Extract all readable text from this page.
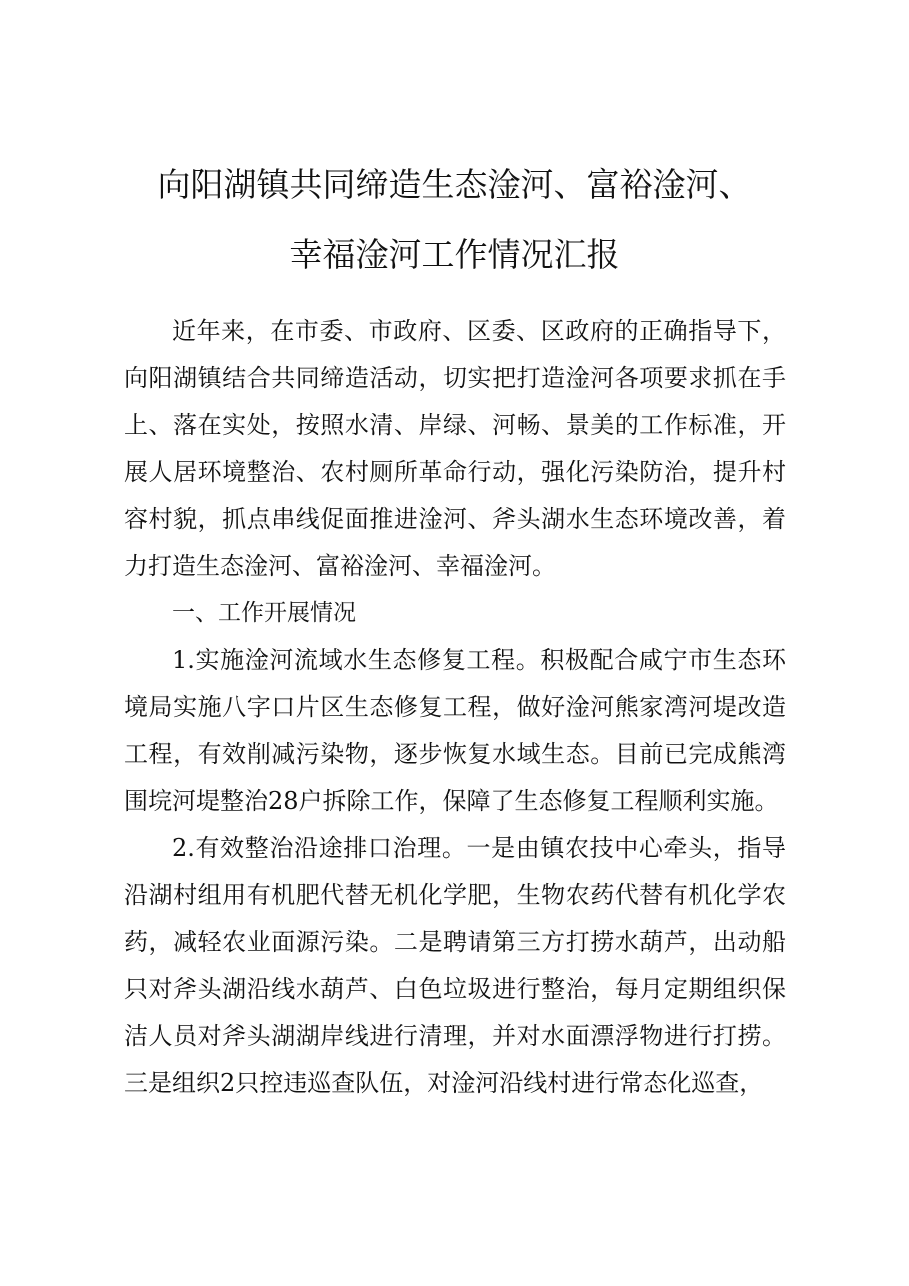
向阳湖镇共同缔造生态淦河、富裕淦河、
幸福淦河工作情况汇报

近年来，在市委、市政府、区委、区政府的正确指导下，向阳湖镇结合共同缔造活动，切实把打造淦河各项要求抓在手上、落在实处，按照水清、岸绿、河畅、景美的工作标准，开展人居环境整治、农村厕所革命行动，强化污染防治，提升村容村貌，抓点串线促面推进淦河、斧头湖水生态环境改善，着力打造生态淦河、富裕淦河、幸福淦河。

一、工作开展情况

1.实施淦河流域水生态修复工程。积极配合咸宁市生态环境局实施八字口片区生态修复工程，做好淦河熊家湾河堤改造工程，有效削减污染物，逐步恢复水域生态。目前已完成熊湾围垸河堤整治28户拆除工作，保障了生态修复工程顺利实施。

2.有效整治沿途排口治理。一是由镇农技中心牵头，指导沿湖村组用有机肥代替无机化学肥，生物农药代替有机化学农药，减轻农业面源污染。二是聘请第三方打捞水葫芦，出动船只对斧头湖沿线水葫芦、白色垃圾进行整治，每月定期组织保洁人员对斧头湖湖岸线进行清理，并对水面漂浮物进行打捞。三是组织2只控违巡查队伍，对淦河沿线村进行常态化巡查，
